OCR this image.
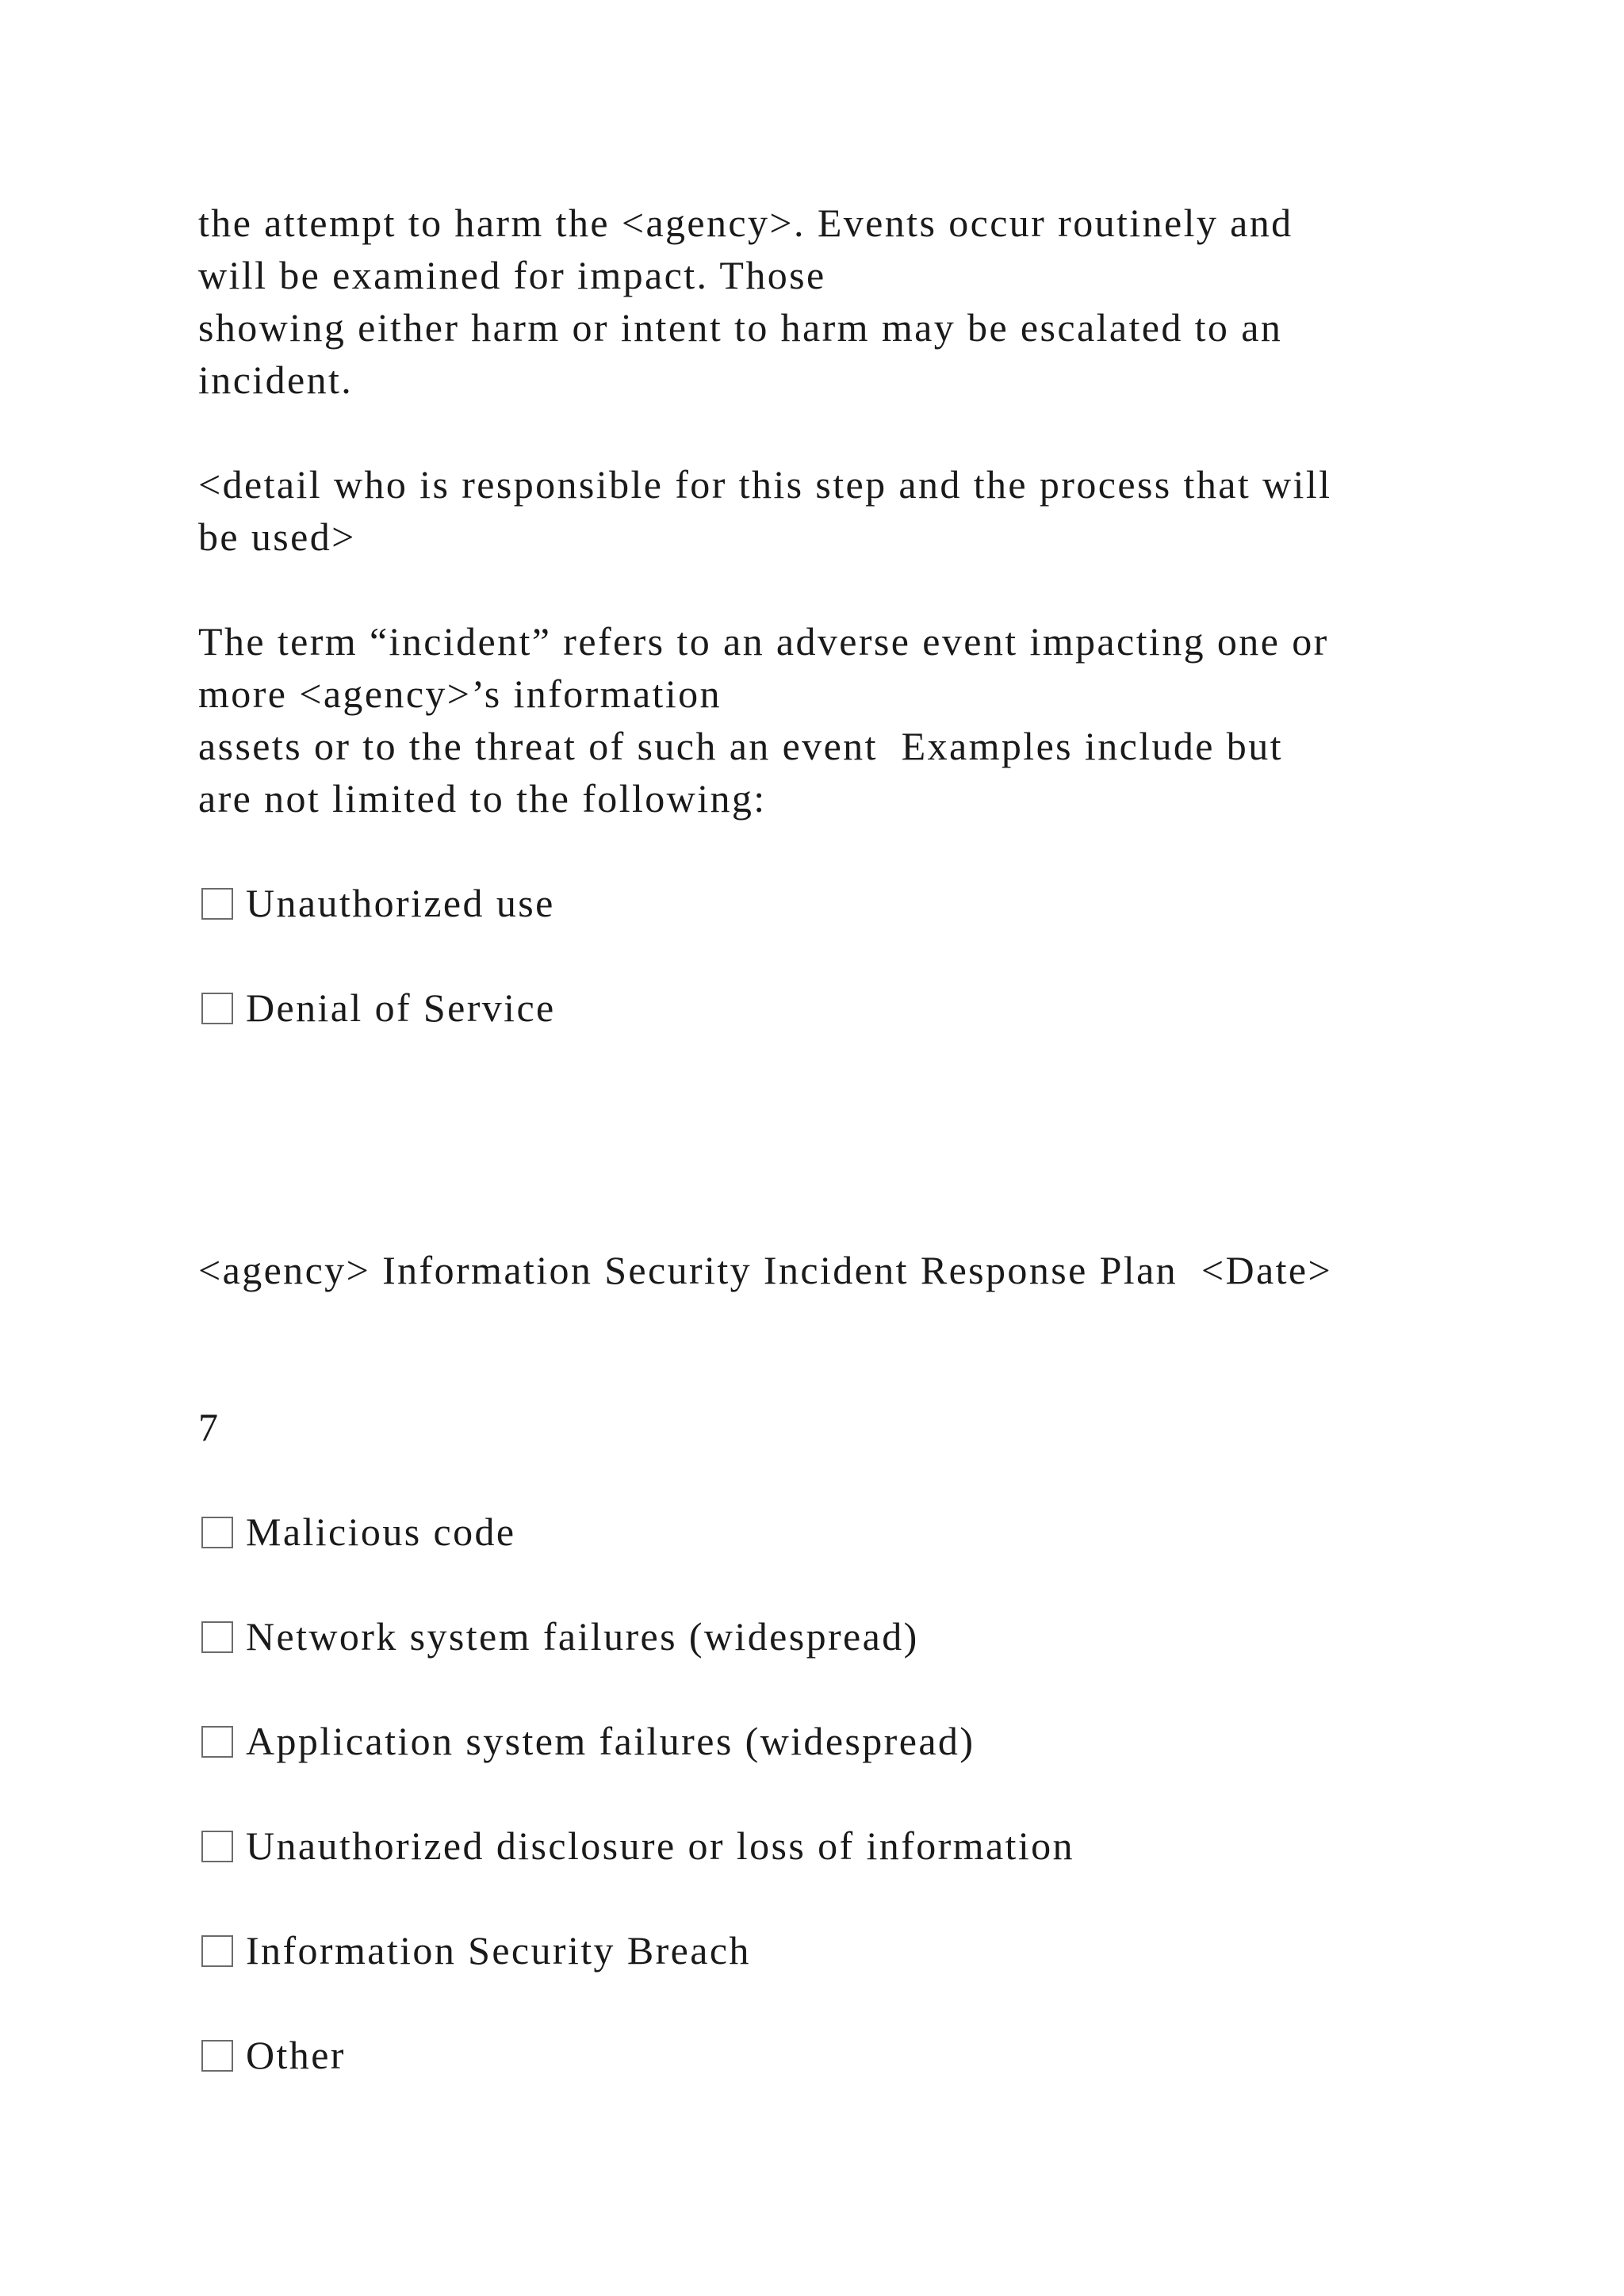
the attempt to harm the <agency>. Events occur routinely and
will be examined for impact. Those
showing either harm or intent to harm may be escalated to an
incident.
<detail who is responsible for this step and the process that will
be used>
The term “incident” refers to an adverse event impacting one or
more <agency>’s information
assets or to the threat of such an event  Examples include but
are not limited to the following:
Unauthorized use
Denial of Service
<agency> Information Security Incident Response Plan  <Date>
7
Malicious code
Network system failures (widespread)
Application system failures (widespread)
Unauthorized disclosure or loss of information
Information Security Breach
Other
